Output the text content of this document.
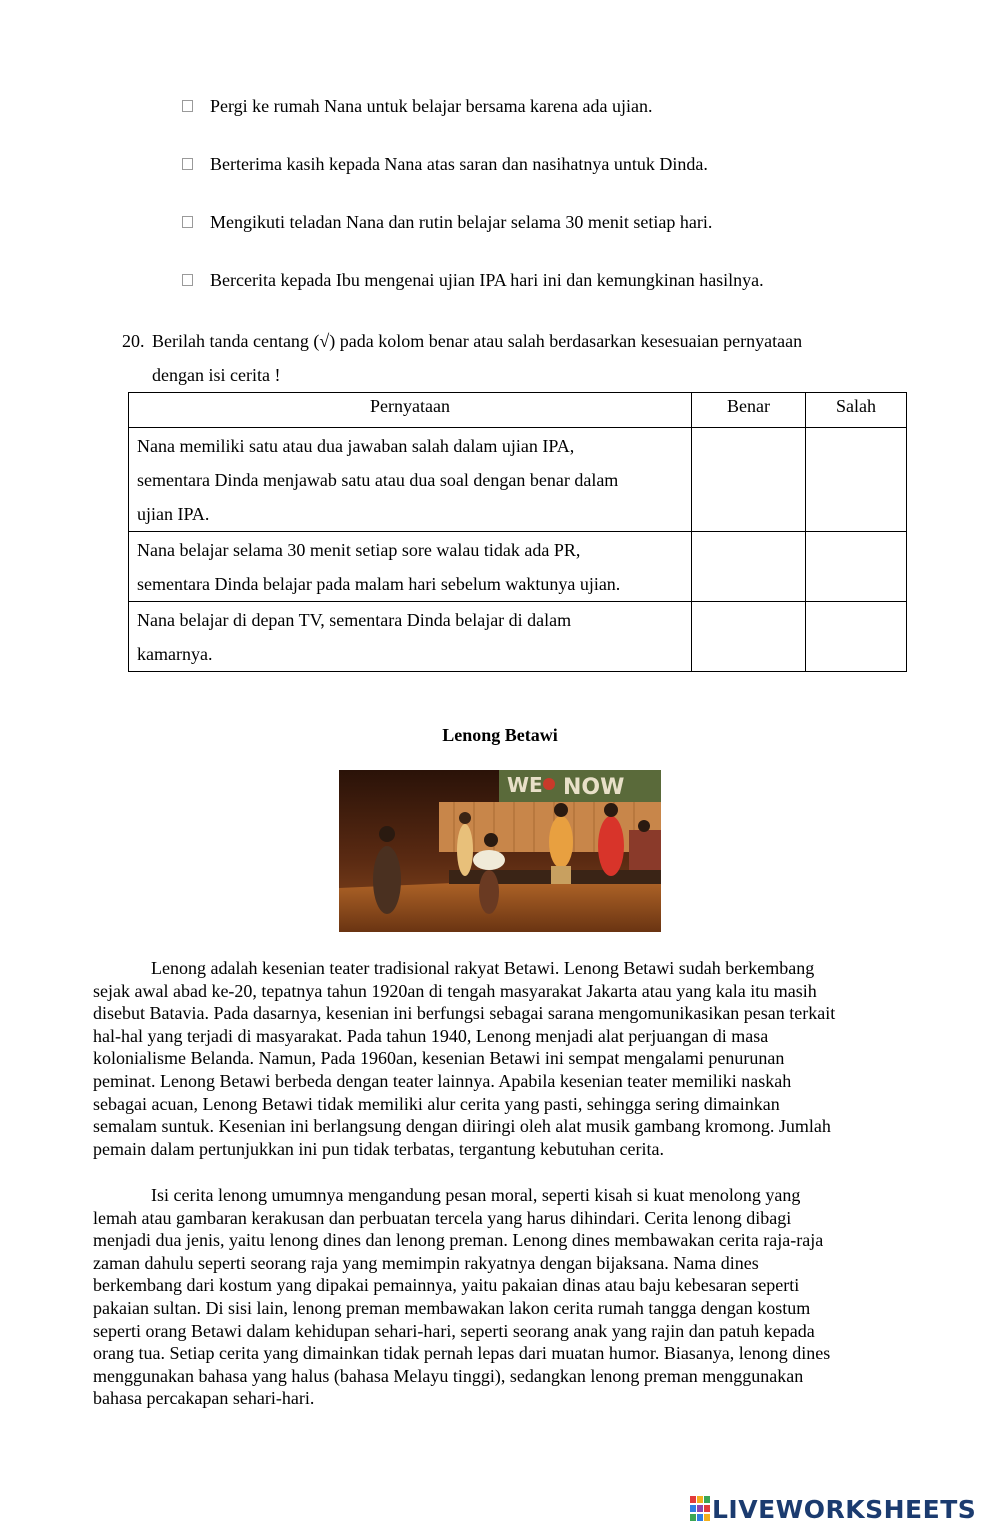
Pergi ke rumah Nana untuk belajar bersama karena ada ujian.
Berterima kasih kepada Nana atas saran dan nasihatnya untuk Dinda.
Mengikuti teladan Nana dan rutin belajar selama 30 menit setiap hari.
Bercerita kepada Ibu mengenai ujian IPA hari ini dan kemungkinan hasilnya.
20. Berilah tanda centang (√) pada kolom benar atau salah berdasarkan kesesuaian pernyataan
dengan isi cerita !
Pernyataan	Benar	Salah

Nana memiliki satu atau dua jawaban salah dalam ujian IPA,
sementara Dinda menjawab satu atau dua soal dengan benar dalam
ujian IPA.		

Nana belajar selama 30 menit setiap sore walau tidak ada PR,
sementara Dinda belajar pada malam hari sebelum waktunya ujian.		

Nana belajar di depan TV, sementara Dinda belajar di dalam
kamarnya.		

Lenong Betawi
WE NOW
Lenong adalah kesenian teater tradisional rakyat Betawi. Lenong Betawi sudah berkembang
sejak awal abad ke-20, tepatnya tahun 1920an di tengah masyarakat Jakarta atau yang kala itu masih
disebut Batavia. Pada dasarnya, kesenian ini berfungsi sebagai sarana mengomunikasikan pesan terkait
hal-hal yang terjadi di masyarakat. Pada tahun 1940, Lenong menjadi alat perjuangan di masa
kolonialisme Belanda. Namun, Pada 1960an, kesenian Betawi ini sempat mengalami penurunan
peminat. Lenong Betawi berbeda dengan teater lainnya. Apabila kesenian teater memiliki naskah
sebagai acuan, Lenong Betawi tidak memiliki alur cerita yang pasti, sehingga sering dimainkan
semalam suntuk. Kesenian ini berlangsung dengan diiringi oleh alat musik gambang kromong. Jumlah
pemain dalam pertunjukkan ini pun tidak terbatas, tergantung kebutuhan cerita.
Isi cerita lenong umumnya mengandung pesan moral, seperti kisah si kuat menolong yang
lemah atau gambaran kerakusan dan perbuatan tercela yang harus dihindari. Cerita lenong dibagi
menjadi dua jenis, yaitu lenong dines dan lenong preman. Lenong dines membawakan cerita raja-raja
zaman dahulu seperti seorang raja yang memimpin rakyatnya dengan bijaksana. Nama dines
berkembang dari kostum yang dipakai pemainnya, yaitu pakaian dinas atau baju kebesaran seperti
pakaian sultan. Di sisi lain, lenong preman membawakan lakon cerita rumah tangga dengan kostum
seperti orang Betawi dalam kehidupan sehari-hari, seperti seorang anak yang rajin dan patuh kepada
orang tua. Setiap cerita yang dimainkan tidak pernah lepas dari muatan humor. Biasanya, lenong dines
menggunakan bahasa yang halus (bahasa Melayu tinggi), sedangkan lenong preman menggunakan
bahasa percakapan sehari-hari.
LIVEWORKSHEETS
